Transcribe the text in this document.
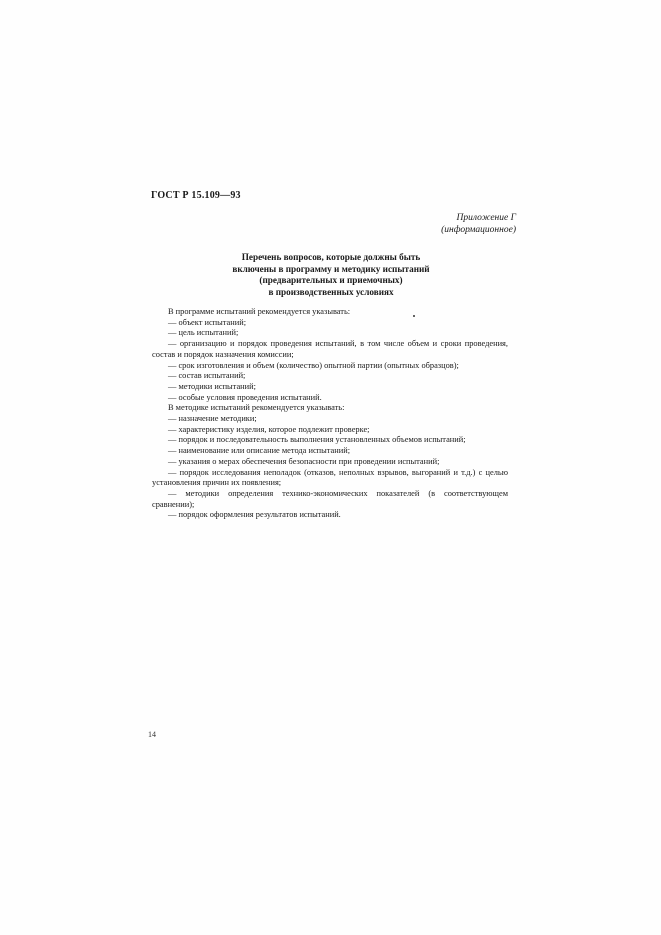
ГОСТ Р 15.109—93
Приложение Г
(информационное)
Перечень вопросов, которые должны быть
включены в программу и методику испытаний
(предварительных и приемочных)
в производственных условиях

В программе испытаний рекомендуется указывать:

— объект испытаний;

— цель испытаний;

— организацию и порядок проведения испытаний, в том числе объем и сроки проведения, состав и порядок назначения комиссии;

— срок изготовления и объем (количество) опытной партии (опытных образцов);

— состав испытаний;

— методики испытаний;

— особые условия проведения испытаний.

В методике испытаний рекомендуется указывать:

— назначение методики;

— характеристику изделия, которое подлежит проверке;

— порядок и последовательность выполнения установленных объемов испытаний;

— наименование или описание метода испытаний;

— указания о мерах обеспечения безопасности при проведении испытаний;

— порядок исследования неполадок (отказов, неполных взрывов, выгораний и т.д.) с целью установления причин их появления;

— методики определения технико-экономических показателей (в соответствующем сравнении);

— порядок оформления результатов испытаний.

14
